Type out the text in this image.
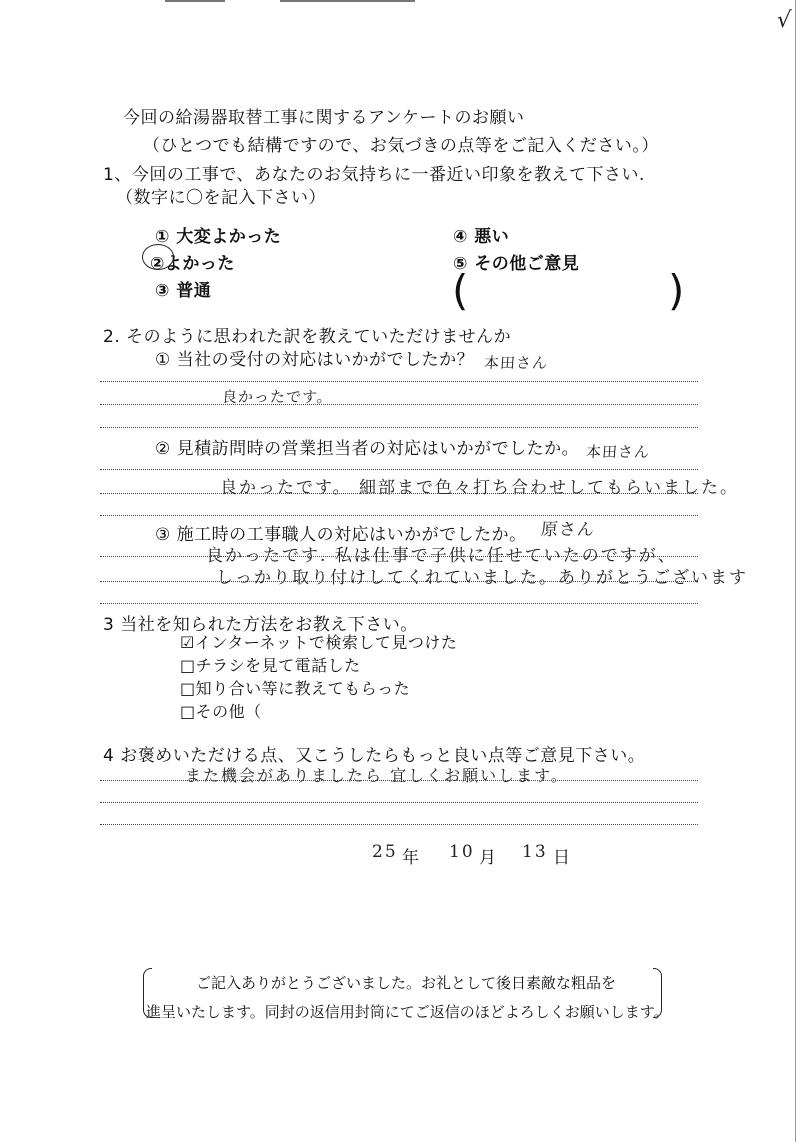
√
今回の給湯器取替工事に関するアンケートのお願い
（ひとつでも結構ですので、お気づきの点等をご記入ください。）
1、今回の工事で、あなたのお気持ちに一番近い印象を教えて下さい.
（数字に〇を記入下さい）
① 大変よかった
②よかった
③ 普通
④ 悪い
⑤ その他ご意見
(	)
2. そのように思われた訳を教えていただけませんか
① 当社の受付の対応はいかがでしたか？ 本田さん
良かったです。
② 見積訪問時の営業担当者の対応はいかがでしたか。 本田さん
良かったです。 細部まで色々打ち合わせしてもらいました。
③ 施工時の工事職人の対応はいかがでしたか。 原さん
良かったです. 私は仕事で子供に任せていたのですが、
しっかり取り付けしてくれていました。ありがとうございます
3 当社を知られた方法をお教え下さい。
☑インターネットで検索して見つけた
□チラシを見て電話した
□知り合い等に教えてもらった
□その他（
4 お褒めいただける点、又こうしたらもっと良い点等ご意見下さい。
また機会がありましたら 宜しくお願いします。
25 年 10 月 13 日
ご記入ありがとうございました。お礼として後日素敵な粗品を
進呈いたします。同封の返信用封筒にてご返信のほどよろしくお願いします。
